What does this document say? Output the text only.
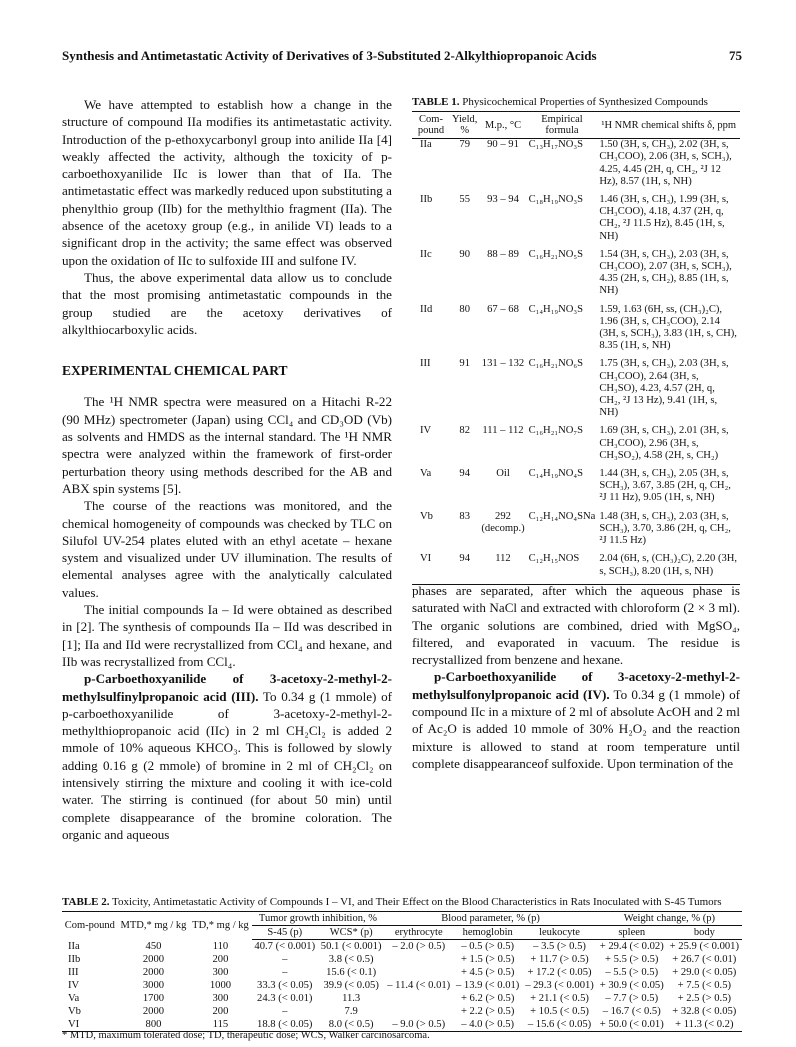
Synthesis and Antimetastatic Activity of Derivatives of 3-Substituted 2-Alkylthiopropanoic Acids	75

We have attempted to establish how a change in the structure of compound IIa modifies its antimetastatic activity. Introduction of the p-ethoxycarbonyl group into anilide IIa [4] weakly affected the activity, although the toxicity of p-carboethoxyanilide IIc is lower than that of IIa. The antimetastatic effect was markedly reduced upon substituting a phenylthio group (IIb) for the methylthio fragment (IIa). The absence of the acetoxy group (e.g., in anilide VI) leads to a significant drop in the activity; the same effect was observed upon the oxidation of IIc to sulfoxide III and sulfone IV.

Thus, the above experimental data allow us to conclude that the most promising antimetastatic compounds in the group studied are the acetoxy derivatives of alkylthiocarboxylic acids.

EXPERIMENTAL CHEMICAL PART

The ¹H NMR spectra were measured on a Hitachi R-22 (90 MHz) spectrometer (Japan) using CCl₄ and CD₃OD (Vb) as solvents and HMDS as the internal standard. The ¹H NMR spectra were analyzed within the framework of first-order perturbation theory using methods described for the AB and ABX spin systems [5].

The course of the reactions was monitored, and the chemical homogeneity of compounds was checked by TLC on Silufol UV-254 plates eluted with an ethyl acetate – hexane system and visualized under UV illumination. The results of elemental analyses agree with the analytically calculated values.

The initial compounds Ia – Id were obtained as described in [2]. The synthesis of compounds IIa – IId was described in [1]; IIa and IId were recrystallized from CCl₄ and hexane, and IIb was recrystallized from CCl₄.

p-Carboethoxyanilide of 3-acetoxy-2-methyl-2-methylsulfinylpropanoic acid (III). To 0.34 g (1 mmole) of p-carboethoxyanilide of 3-acetoxy-2-methyl-2-methylthiopropanoic acid (IIc) in 2 ml CH₂Cl₂ is added 2 mmole of 10% aqueous KHCO₃. This is followed by slowly adding 0.16 g (2 mmole) of bromine in 2 ml of CH₂Cl₂ on intensively stirring the mixture and cooling it with ice-cold water. The stirring is continued (for about 50 min) until complete disappearance of the bromine coloration. The organic and aqueous

phases are separated, after which the aqueous phase is saturated with NaCl and extracted with chloroform (2 × 3 ml). The organic solutions are combined, dried with MgSO₄, filtered, and evaporated in vacuum. The residue is recrystallized from benzene and hexane.

p-Carboethoxyanilide of 3-acetoxy-2-methyl-2-methylsulfonylpropanoic acid (IV). To 0.34 g (1 mmole) of compound IIc in a mixture of 2 ml of absolute AcOH and 2 ml of Ac₂O is added 10 mmole of 30% H₂O₂ and the reaction mixture is allowed to stand at room temperature until complete disappearanceof sulfoxide. Upon termination of the

TABLE 1. Physicochemical Properties of Synthesized Compounds
Com-pound	Yield, %	M.p., °C	Empirical formula	¹H NMR chemical shifts δ, ppm
IIa	79	90 – 91	C₁₃H₁₇NO₃S	1.50 (3H, s, CH₃), 2.02 (3H, s, CH₃COO), 2.06 (3H, s, SCH₃), 4.25, 4.45 (2H, q, CH₂, ²J 12 Hz), 8.57 (1H, s, NH)
IIb	55	93 – 94	C₁₈H₁₉NO₃S	1.46 (3H, s, CH₃), 1.99 (3H, s, CH₃COO), 4.18, 4.37 (2H, q, CH₂, ²J 11.5 Hz), 8.45 (1H, s, NH)
IIc	90	88 – 89	C₁₆H₂₁NO₅S	1.54 (3H, s, CH₃), 2.03 (3H, s, CH₃COO), 2.07 (3H, s, SCH₃), 4.35 (2H, s, CH₂), 8.85 (1H, s, NH)
IId	80	67 – 68	C₁₄H₁₉NO₃S	1.59, 1.63 (6H, ss, (CH₃)₂C), 1.96 (3H, s, CH₃COO), 2.14 (3H, s, SCH₃), 3.83 (1H, s, CH), 8.35 (1H, s, NH)
III	91	131 – 132	C₁₆H₂₁NO₆S	1.75 (3H, s, CH₃), 2.03 (3H, s, CH₃COO), 2.64 (3H, s, CH₃SO), 4.23, 4.57 (2H, q, CH₂, ²J 13 Hz), 9.41 (1H, s, NH)
IV	82	111 – 112	C₁₆H₂₁NO₇S	1.69 (3H, s, CH₃), 2.01 (3H, s, CH₃COO), 2.96 (3H, s, CH₃SO₂), 4.58 (2H, s, CH₂)
Va	94	Oil	C₁₄H₁₉NO₄S	1.44 (3H, s, CH₃), 2.05 (3H, s, SCH₃), 3.67, 3.85 (2H, q, CH₂, ²J 11 Hz), 9.05 (1H, s, NH)
Vb	83	292 (decomp.)	C₁₂H₁₄NO₄SNa	1.48 (3H, s, CH₃), 2.03 (3H, s, SCH₃), 3.70, 3.86 (2H, q, CH₂, ²J 11.5 Hz)
VI	94	112	C₁₂H₁₅NOS	2.04 (6H, s, (CH₃)₂C), 2.20 (3H, s, SCH₃), 8.20 (1H, s, NH)
TABLE 2. Toxicity, Antimetastatic Activity of Compounds I – VI, and Their Effect on the Blood Characteristics in Rats Inoculated with S-45 Tumors
Com-pound	MTD,* mg / kg	TD,* mg / kg	Tumor growth inhibition, %		Blood parameter, % (p)			Weight change, % (p)	
			S-45 (p)	WCS* (p)	erythrocyte	hemoglobin	leukocyte	spleen	body
IIa	450	110	40.7 (< 0.001)	50.1 (< 0.001)	– 2.0 (> 0.5)	– 0.5 (> 0.5)	– 3.5 (> 0.5)	+ 29.4 (< 0.02)	+ 25.9 (< 0.001)
IIb	2000	200	–	3.8 (< 0.5)		+ 1.5 (> 0.5)	+ 11.7 (> 0.5)	+ 5.5 (> 0.5)	+ 26.7 (< 0.01)
III	2000	300	–	15.6 (< 0.1)		+ 4.5 (> 0.5)	+ 17.2 (< 0.05)	– 5.5 (> 0.5)	+ 29.0 (< 0.05)
IV	3000	1000	33.3 (< 0.05)	39.9 (< 0.05)	– 11.4 (< 0.01)	– 13.9 (< 0.01)	– 29.3 (< 0.001)	+ 30.9 (< 0.05)	+ 7.5 (< 0.5)
Va	1700	300	24.3 (< 0.01)	11.3		+ 6.2 (> 0.5)	+ 21.1 (< 0.5)	– 7.7 (> 0.5)	+ 2.5 (> 0.5)
Vb	2000	200	–	7.9		+ 2.2 (> 0.5)	+ 10.5 (< 0.5)	– 16.7 (< 0.5)	+ 32.8 (< 0.05)
VI	800	115	18.8 (< 0.05)	8.0 (< 0.5)	– 9.0 (> 0.5)	– 4.0 (> 0.5)	– 15.6 (< 0.05)	+ 50.0 (< 0.01)	+ 11.3 (< 0.2)
* MTD, maximum tolerated dose; TD, therapeutic dose; WCS, Walker carcinosarcoma.
